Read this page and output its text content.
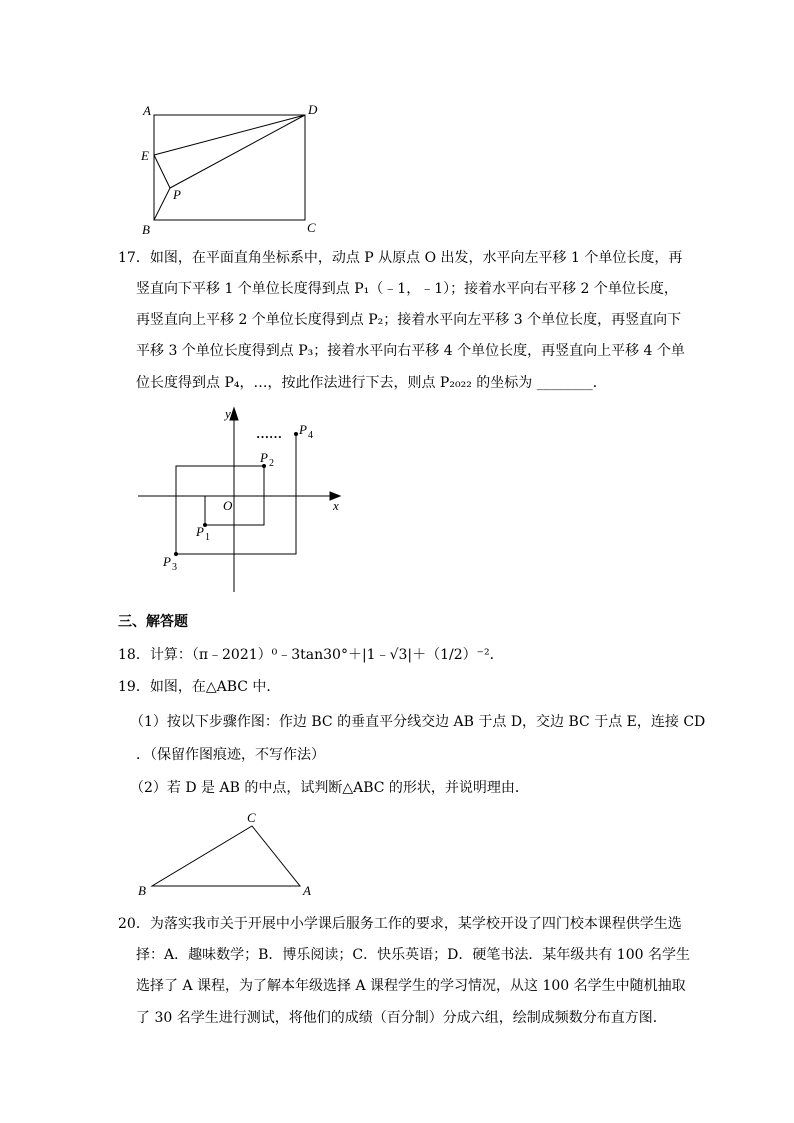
A	D
E
P
B	C
y
x
O
P 1
P 2
P 3
P 4
……
C
B	A
17．如图，在平面直角坐标系中，动点 P 从原点 O 出发，水平向左平移 1 个单位长度，再
竖直向下平移 1 个单位长度得到点 P₁（﹣1，﹣1）；接着水平向右平移 2 个单位长度，
再竖直向上平移 2 个单位长度得到点 P₂；接着水平向左平移 3 个单位长度，再竖直向下
平移 3 个单位长度得到点 P₃；接着水平向右平移 4 个单位长度，再竖直向上平移 4 个单
位长度得到点 P₄，…，按此作法进行下去，则点 P₂₀₂₂ 的坐标为 ________．
三、解答题
18．计算：（π﹣2021）⁰﹣3tan30°＋|1﹣√3|＋（1/2）⁻²．
19．如图，在△ABC 中．
（1）按以下步骤作图：作边 BC 的垂直平分线交边 AB 于点 D，交边 BC 于点 E，连接 CD
．（保留作图痕迹，不写作法）
（2）若 D 是 AB 的中点，试判断△ABC 的形状，并说明理由．
20．为落实我市关于开展中小学课后服务工作的要求，某学校开设了四门校本课程供学生选
择：A．趣味数学；B．博乐阅读；C．快乐英语；D．硬笔书法．某年级共有 100 名学生
选择了 A 课程，为了解本年级选择 A 课程学生的学习情况，从这 100 名学生中随机抽取
了 30 名学生进行测试，将他们的成绩（百分制）分成六组，绘制成频数分布直方图．
